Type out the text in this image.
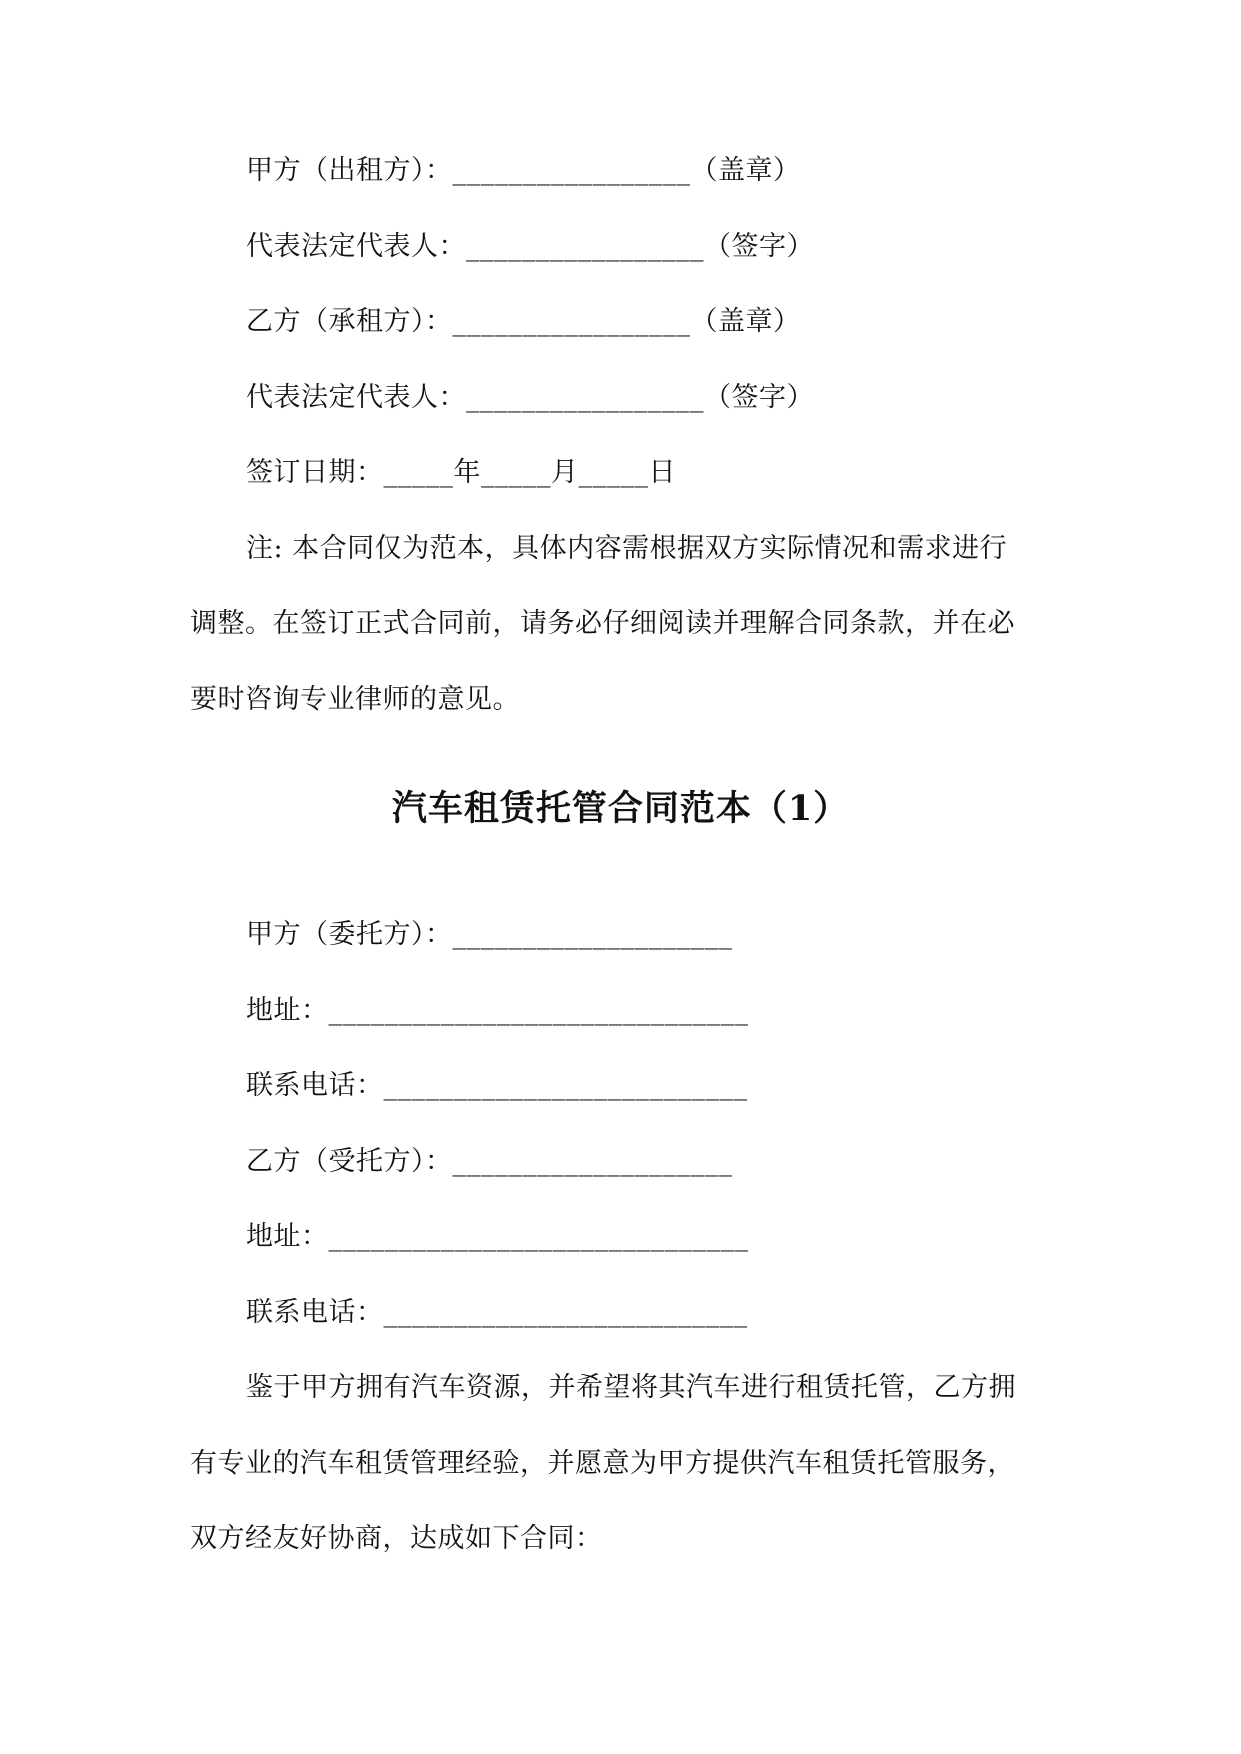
甲方（出租方）：_________________（盖章）
代表法定代表人：_________________（签字）
乙方（承租方）：_________________（盖章）
代表法定代表人：_________________（签字）
签订日期：_____年_____月_____日
注: 本合同仅为范本，具体内容需根据双方实际情况和需求进行
调整。在签订正式合同前，请务必仔细阅读并理解合同条款，并在必
要时咨询专业律师的意见。
汽车租赁托管合同范本（1）
甲方（委托方）：____________________
地址：______________________________
联系电话：__________________________
乙方（受托方）：____________________
地址：______________________________
联系电话：__________________________
鉴于甲方拥有汽车资源，并希望将其汽车进行租赁托管，乙方拥
有专业的汽车租赁管理经验，并愿意为甲方提供汽车租赁托管服务，
双方经友好协商，达成如下合同：
